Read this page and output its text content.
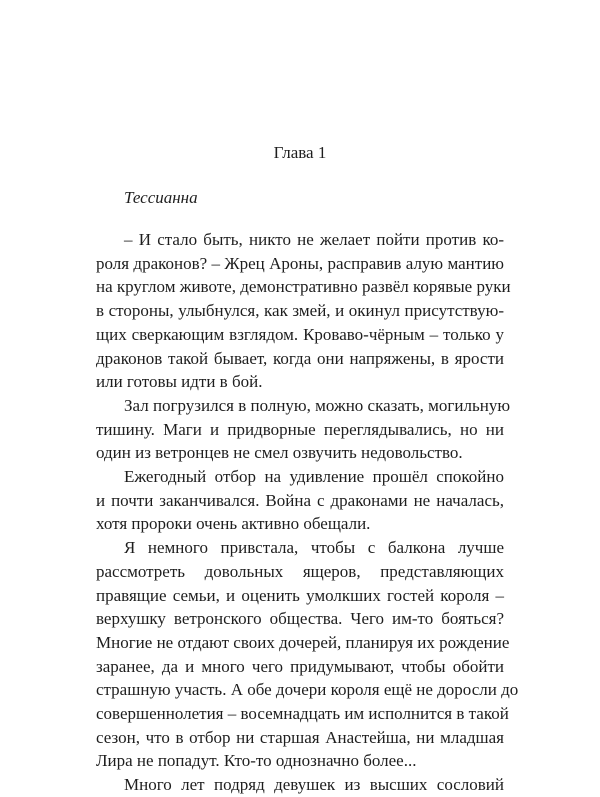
Глава 1

Тессианна

– И стало быть, никто не желает пойти против ко-
роля драконов? – Жрец Ароны, расправив алую мантию
на круглом животе, демонстративно развёл корявые руки
в стороны, улыбнулся, как змей, и окинул присутствую-
щих сверкающим взглядом. Кроваво-чёрным – только у
драконов такой бывает, когда они напряжены, в ярости
или готовы идти в бой.

Зал погрузился в полную, можно сказать, могильную
тишину. Маги и придворные переглядывались, но ни
один из ветронцев не смел озвучить недовольство.

Ежегодный отбор на удивление прошёл спокойно
и почти заканчивался. Война с драконами не началась,
хотя пророки очень активно обещали.

Я немного привстала, чтобы с балкона лучше
рассмотреть довольных ящеров, представляющих
правящие семьи, и оценить умолкших гостей короля –
верхушку ветронского общества. Чего им-то бояться?
Многие не отдают своих дочерей, планируя их рождение
заранее, да и много чего придумывают, чтобы обойти
страшную участь. А обе дочери короля ещё не доросли до
совершеннолетия – восемнадцать им исполнится в такой
сезон, что в отбор ни старшая Анастейша, ни младшая
Лира не попадут. Кто-то однозначно более...

Много лет подряд девушек из высших сословий
